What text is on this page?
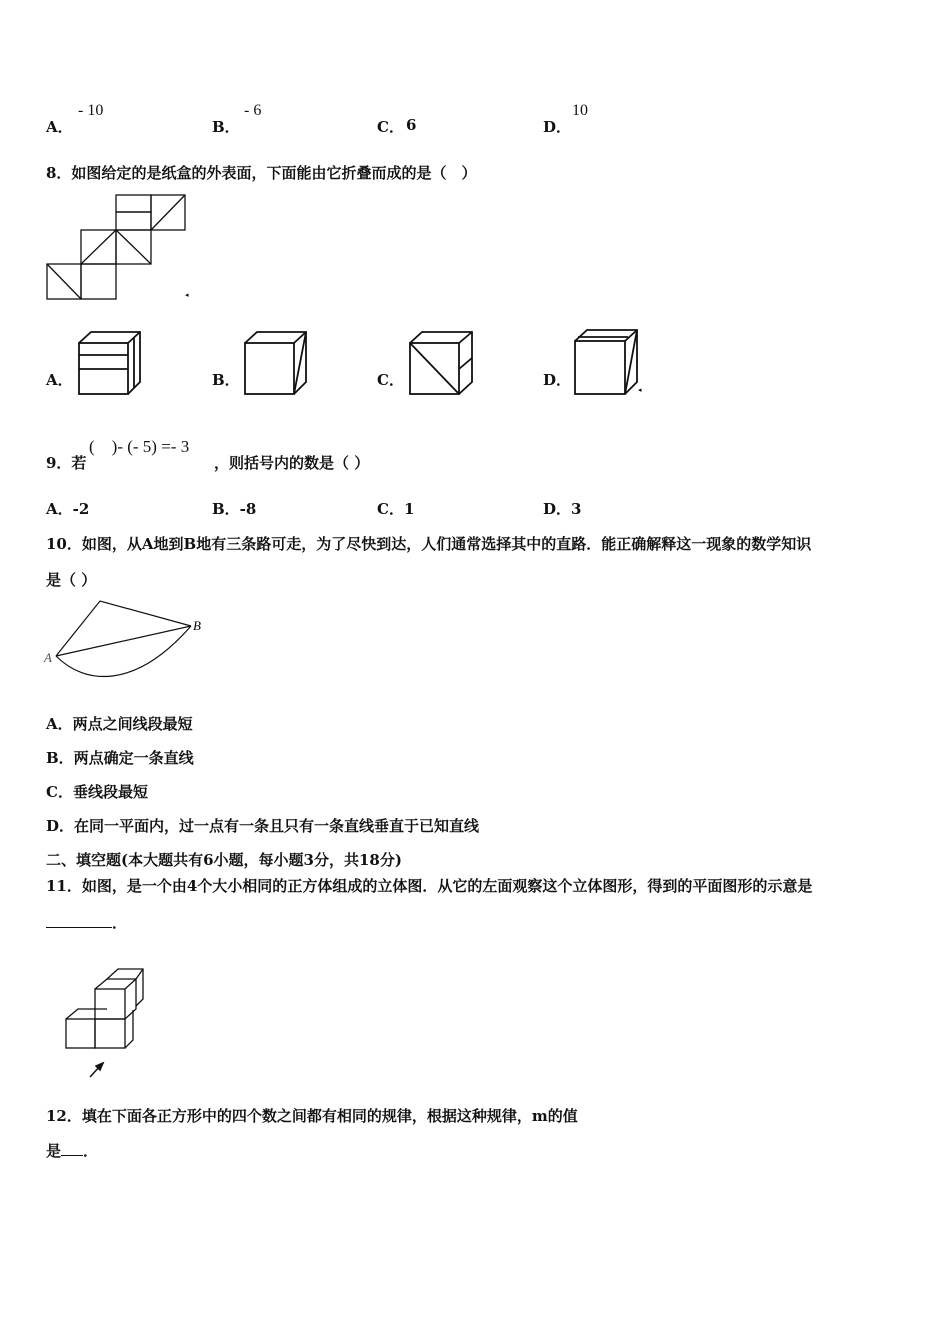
A．
- 10
B．
- 6
C． 6	D．
10
8．如图给定的是纸盒的外表面，下面能由它折叠而成的是（　）
◂
A．	B．	C．	D．
◂
9．若
(    )- (- 5) =- 3
，则括号内的数是（ ）
A．-2	B．-8	C．1	D．3
10．如图，从A地到B地有三条路可走，为了尽快到达，人们通常选择其中的直路．能正确解释这一现象的数学知识
是（ ）
B
A
A．两点之间线段最短
B．两点确定一条直线
C．垂线段最短
D．在同一平面内，过一点有一条且只有一条直线垂直于已知直线
二、填空题(本大题共有6小题，每小题3分，共18分)
11．如图，是一个由4个大小相同的正方体组成的立体图．从它的左面观察这个立体图形，得到的平面图形的示意是
．
12．填在下面各正方形中的四个数之间都有相同的规律，根据这种规律，m的值
是 ．
